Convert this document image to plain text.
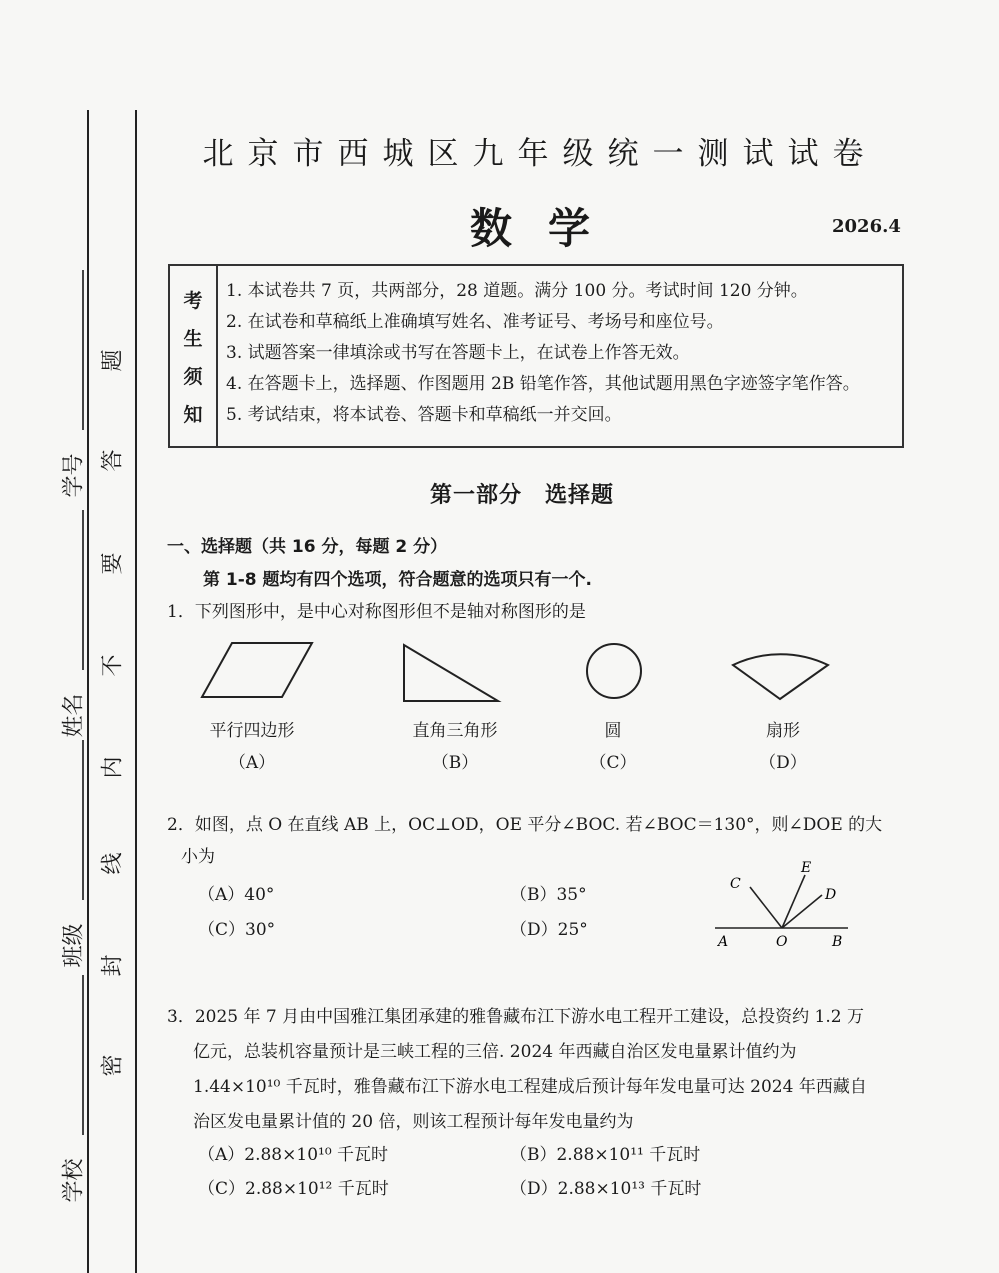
学号
姓名
班级
学校
题
答
要
不
内
线
封
密
北京市西城区九年级统一测试试卷
数学	2026.4
考
生
须
知
1. 本试卷共 7 页，共两部分，28 道题。满分 100 分。考试时间 120 分钟。
2. 在试卷和草稿纸上准确填写姓名、准考证号、考场号和座位号。
3. 试题答案一律填涂或书写在答题卡上，在试卷上作答无效。
4. 在答题卡上，选择题、作图题用 2B 铅笔作答，其他试题用黑色字迹签字笔作答。
5. 考试结束，将本试卷、答题卡和草稿纸一并交回。
第一部分　选择题
一、选择题（共 16 分，每题 2 分）
第 1-8 题均有四个选项，符合题意的选项只有一个.
1．下列图形中，是中心对称图形但不是轴对称图形的是
平行四边形
（A）
直角三角形
（B）
圆
（C）
扇形
（D）
2．如图，点 O 在直线 AB 上，OC⊥OD，OE 平分∠BOC. 若∠BOC＝130°，则∠DOE 的大
小为
（A）40°	（B）35°
（C）30°	（D）25°
C
E
D
A	O	B
3．2025 年 7 月由中国雅江集团承建的雅鲁藏布江下游水电工程开工建设，总投资约 1.2 万
亿元，总装机容量预计是三峡工程的三倍. 2024 年西藏自治区发电量累计值约为
1.44×10¹⁰ 千瓦时，雅鲁藏布江下游水电工程建成后预计每年发电量可达 2024 年西藏自
治区发电量累计值的 20 倍，则该工程预计每年发电量约为
（A）2.88×10¹⁰ 千瓦时	（B）2.88×10¹¹ 千瓦时
（C）2.88×10¹² 千瓦时	（D）2.88×10¹³ 千瓦时
